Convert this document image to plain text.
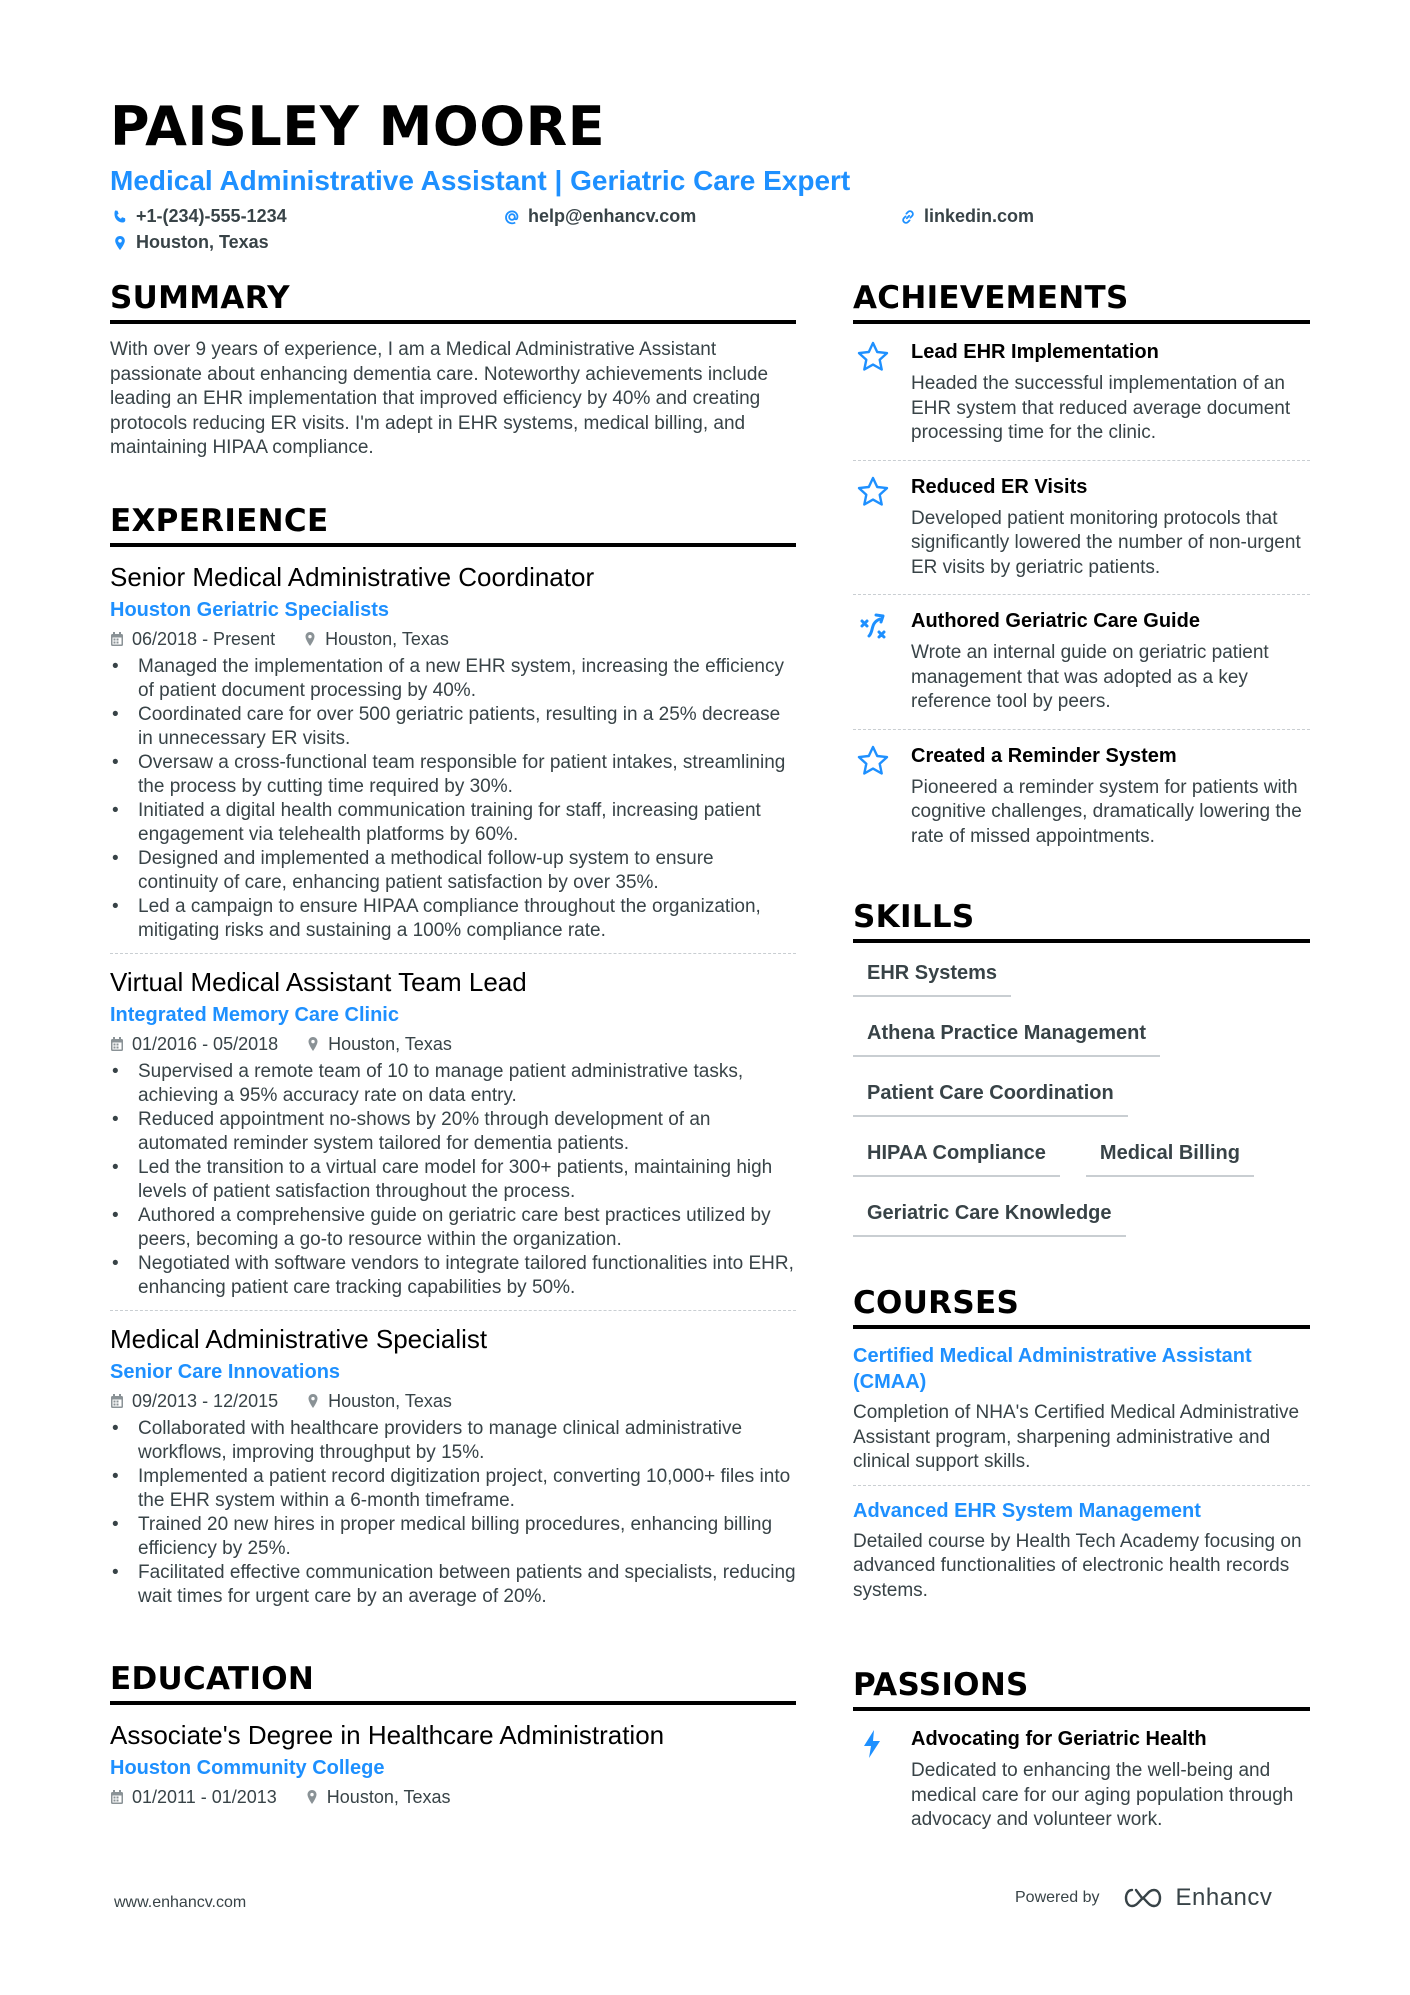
PAISLEY MOORE
Medical Administrative Assistant | Geriatric Care Expert
+1-(234)-555-1234	help@enhancv.com	linkedin.com
Houston, Texas
SUMMARY
With over 9 years of experience, I am a Medical Administrative Assistant passionate about enhancing dementia care. Noteworthy achievements include leading an EHR implementation that improved efficiency by 40% and creating protocols reducing ER visits. I'm adept in EHR systems, medical billing, and maintaining HIPAA compliance.
EXPERIENCE
Senior Medical Administrative Coordinator
Houston Geriatric Specialists
06/2018 - Present	Houston, Texas
• Managed the implementation of a new EHR system, increasing the efficiency of patient document processing by 40%.
• Coordinated care for over 500 geriatric patients, resulting in a 25% decrease in unnecessary ER visits.
• Oversaw a cross-functional team responsible for patient intakes, streamlining the process by cutting time required by 30%.
• Initiated a digital health communication training for staff, increasing patient engagement via telehealth platforms by 60%.
• Designed and implemented a methodical follow-up system to ensure continuity of care, enhancing patient satisfaction by over 35%.
• Led a campaign to ensure HIPAA compliance throughout the organization, mitigating risks and sustaining a 100% compliance rate.
Virtual Medical Assistant Team Lead
Integrated Memory Care Clinic
01/2016 - 05/2018	Houston, Texas
• Supervised a remote team of 10 to manage patient administrative tasks, achieving a 95% accuracy rate on data entry.
• Reduced appointment no-shows by 20% through development of an automated reminder system tailored for dementia patients.
• Led the transition to a virtual care model for 300+ patients, maintaining high levels of patient satisfaction throughout the process.
• Authored a comprehensive guide on geriatric care best practices utilized by peers, becoming a go-to resource within the organization.
• Negotiated with software vendors to integrate tailored functionalities into EHR, enhancing patient care tracking capabilities by 50%.
Medical Administrative Specialist
Senior Care Innovations
09/2013 - 12/2015	Houston, Texas
• Collaborated with healthcare providers to manage clinical administrative workflows, improving throughput by 15%.
• Implemented a patient record digitization project, converting 10,000+ files into the EHR system within a 6-month timeframe.
• Trained 20 new hires in proper medical billing procedures, enhancing billing efficiency by 25%.
• Facilitated effective communication between patients and specialists, reducing wait times for urgent care by an average of 20%.
EDUCATION
Associate's Degree in Healthcare Administration
Houston Community College
01/2011 - 01/2013	Houston, Texas
ACHIEVEMENTS
Lead EHR Implementation
Headed the successful implementation of an EHR system that reduced average document processing time for the clinic.
Reduced ER Visits
Developed patient monitoring protocols that significantly lowered the number of non-urgent ER visits by geriatric patients.
Authored Geriatric Care Guide
Wrote an internal guide on geriatric patient management that was adopted as a key reference tool by peers.
Created a Reminder System
Pioneered a reminder system for patients with cognitive challenges, dramatically lowering the rate of missed appointments.
SKILLS
EHR Systems
Athena Practice Management
Patient Care Coordination
HIPAA Compliance	Medical Billing
Geriatric Care Knowledge
COURSES
Certified Medical Administrative Assistant (CMAA)
Completion of NHA's Certified Medical Administrative Assistant program, sharpening administrative and clinical support skills.
Advanced EHR System Management
Detailed course by Health Tech Academy focusing on advanced functionalities of electronic health records systems.
PASSIONS
Advocating for Geriatric Health
Dedicated to enhancing the well-being and medical care for our aging population through advocacy and volunteer work.
www.enhancv.com	Powered by	Enhancv
